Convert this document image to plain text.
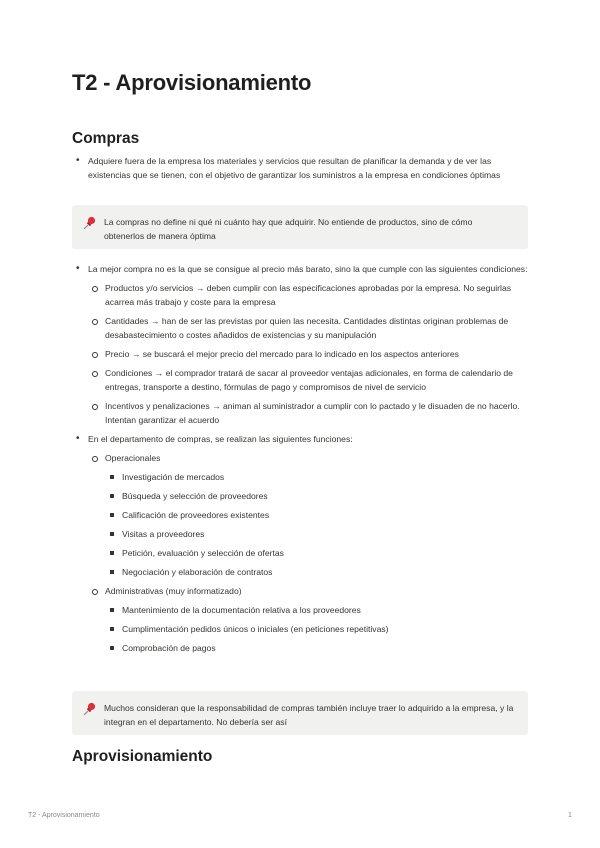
T2 - Aprovisionamiento
Compras
• Adquiere fuera de la empresa los materiales y servicios que resultan de planificar la demanda y de ver las existencias que se tienen, con el objetivo de garantizar los suministros a la empresa en condiciones óptimas
La compras no define ni qué ni cuánto hay que adquirir. No entiende de productos, sino de cómo obtenerlos de manera óptima
• La mejor compra no es la que se consigue al precio más barato, sino la que cumple con las siguientes condiciones:
Productos y/o servicios → deben cumplir con las especificaciones aprobadas por la empresa. No seguirlas acarrea más trabajo y coste para la empresa
Cantidades → han de ser las previstas por quien las necesita. Cantidades distintas originan problemas de desabastecimiento o costes añadidos de existencias y su manipulación
Precio → se buscará el mejor precio del mercado para lo indicado en los aspectos anteriores
Condiciones → el comprador tratará de sacar al proveedor ventajas adicionales, en forma de calendario de entregas, transporte a destino, fórmulas de pago y compromisos de nivel de servicio
Incentivos y penalizaciones → animan al suministrador a cumplir con lo pactado y le disuaden de no hacerlo. Intentan garantizar el acuerdo
• En el departamento de compras, se realizan las siguientes funciones:
Operacionales
Investigación de mercados
Búsqueda y selección de proveedores
Calificación de proveedores existentes
Visitas a proveedores
Petición, evaluación y selección de ofertas
Negociación y elaboración de contratos
Administrativas (muy informatizado)
Mantenimiento de la documentación relativa a los proveedores
Cumplimentación pedidos únicos o iniciales (en peticiones repetitivas)
Comprobación de pagos
Muchos consideran que la responsabilidad de compras también incluye traer lo adquirido a la empresa, y la integran en el departamento. No debería ser así
Aprovisionamiento
T2 - Aprovisionamiento	1
